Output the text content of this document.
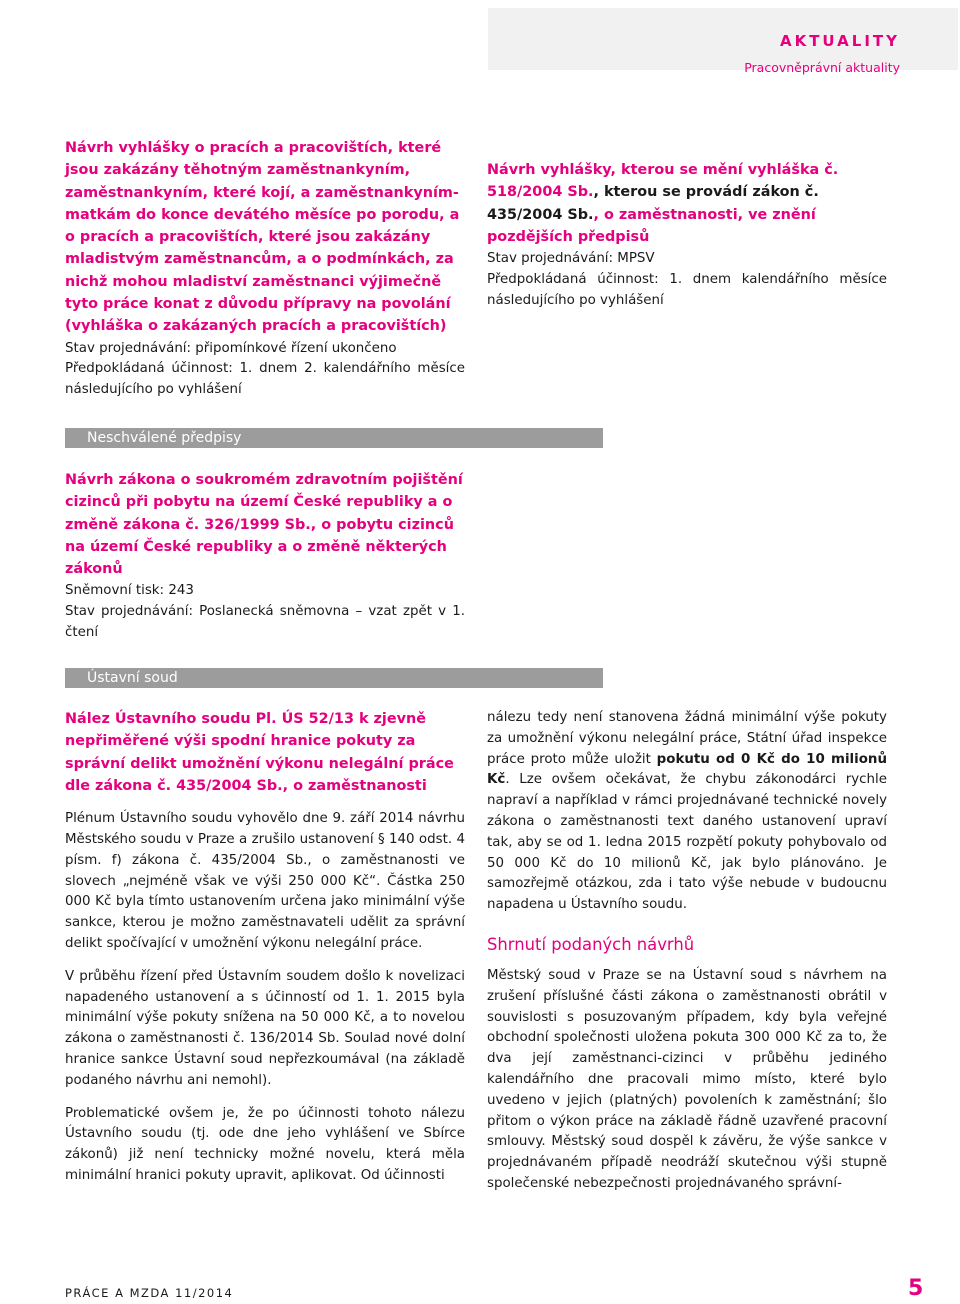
AKTUALITY
Pracovněprávní aktuality

Návrh vyhlášky o pracích a pracovištích, které jsou zakázány těhotným zaměstnankyním, zaměstnankyním, které kojí, a zaměstnankyním-matkám do konce devátého měsíce po porodu, a o pracích a pracovištích, které jsou zakázány mladistvým zaměstnancům, a o podmínkách, za nichž mohou mladiství zaměstnanci výjimečně tyto práce konat z důvodu přípravy na povolání (vyhláška o zakázaných pracích a pracovištích)

Stav projednávání: připomínkové řízení ukončeno

Předpokládaná účinnost: 1. dnem 2. kalendářního měsíce následujícího po vyhlášení

Návrh vyhlášky, kterou se mění vyhláška č. 518/2004 Sb., kterou se provádí zákon č. 435/2004 Sb., o zaměstnanosti, ve znění pozdějších předpisů

Stav projednávání: MPSV

Předpokládaná účinnost: 1. dnem kalendářního měsíce následujícího po vyhlášení

Neschválené předpisy

Návrh zákona o soukromém zdravotním pojištění cizinců při pobytu na území České republiky a o změně zákona č. 326/1999 Sb., o pobytu cizinců na území České republiky a o změně některých zákonů

Sněmovní tisk: 243

Stav projednávání: Poslanecká sněmovna – vzat zpět v 1. čtení

Ústavní soud

Nález Ústavního soudu Pl. ÚS 52/13 k zjevně nepřiměřené výši spodní hranice pokuty za správní delikt umožnění výkonu nelegální práce dle zákona č. 435/2004 Sb., o zaměstnanosti

Plénum Ústavního soudu vyhovělo dne 9. září 2014 návrhu Městského soudu v Praze a zrušilo ustanovení § 140 odst. 4 písm. f) zákona č. 435/2004 Sb., o zaměstnanosti ve slovech „nejméně však ve výši 250 000 Kč“. Částka 250 000 Kč byla tímto ustanovením určena jako minimální výše sankce, kterou je možno zaměstnavateli udělit za správní delikt spočívající v umožnění výkonu nelegální práce.

V průběhu řízení před Ústavním soudem došlo k novelizaci napadeného ustanovení a s účinností od 1. 1. 2015 byla minimální výše pokuty snížena na 50 000 Kč, a to novelou zákona o zaměstnanosti č. 136/2014 Sb. Soulad nové dolní hranice sankce Ústavní soud nepřezkoumával (na základě podaného návrhu ani nemohl).

Problematické ovšem je, že po účinnosti tohoto nálezu Ústavního soudu (tj. ode dne jeho vyhlášení ve Sbírce zákonů) již není technicky možné novelu, která měla minimální hranici pokuty upravit, aplikovat. Od účinnosti

nálezu tedy není stanovena žádná minimální výše pokuty za umožnění výkonu nelegální práce, Státní úřad inspekce práce proto může uložit pokutu od 0 Kč do 10 milionů Kč. Lze ovšem očekávat, že chybu zákonodárci rychle napraví a například v rámci projednávané technické novely zákona o zaměstnanosti text daného ustanovení upraví tak, aby se od 1. ledna 2015 rozpětí pokuty pohybovalo od 50 000 Kč do 10 milionů Kč, jak bylo plánováno. Je samozřejmě otázkou, zda i tato výše nebude v budoucnu napadena u Ústavního soudu.

Shrnutí podaných návrhů

Městský soud v Praze se na Ústavní soud s návrhem na zrušení příslušné části zákona o zaměstnanosti obrátil v souvislosti s posuzovaným případem, kdy byla veřejné obchodní společnosti uložena pokuta 300 000 Kč za to, že dva její zaměstnanci-cizinci v průběhu jediného kalendářního dne pracovali mimo místo, které bylo uvedeno v jejich (platných) povoleních k zaměstnání; šlo přitom o výkon práce na základě řádně uzavřené pracovní smlouvy. Městský soud dospěl k závěru, že výše sankce v projednávaném případě neodráží skutečnou výši stupně společenské nebezpečnosti projednávaného správní-

PRÁCE A MZDA 11/2014	5
